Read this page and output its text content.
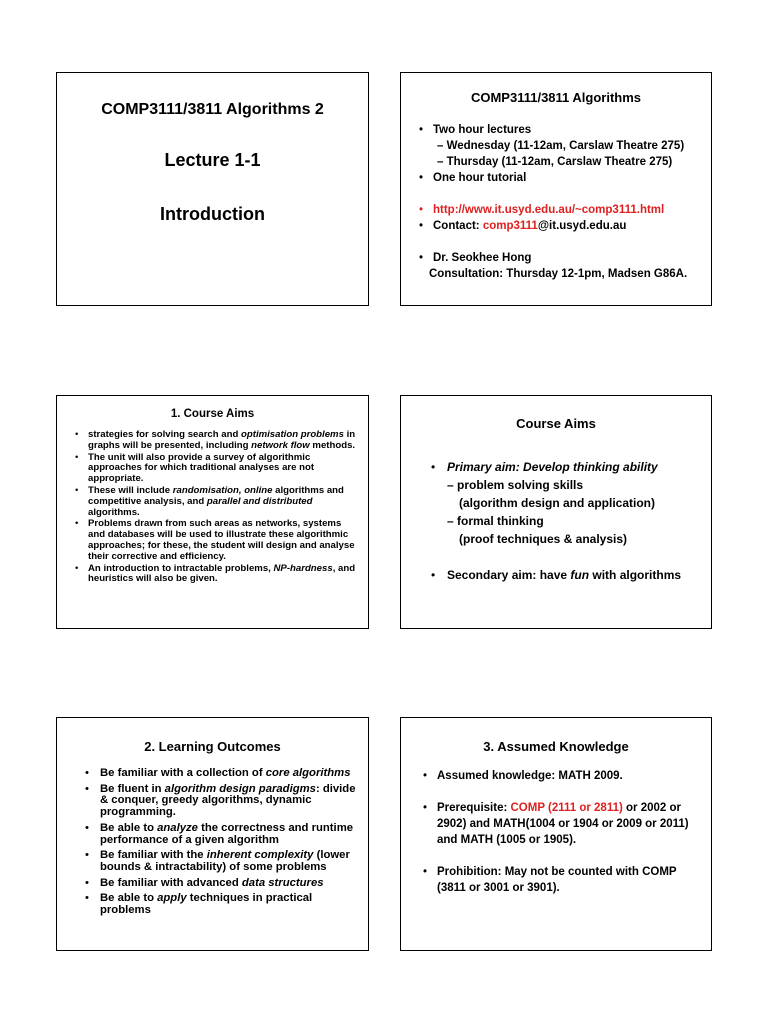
COMP3111/3811 Algorithms 2
Lecture 1-1
Introduction
COMP3111/3811 Algorithms
• Two hour lectures
– Wednesday (11-12am, Carslaw Theatre 275)
– Thursday (11-12am, Carslaw Theatre 275)
• One hour tutorial
• http://www.it.usyd.edu.au/~comp3111.html
• Contact: comp3111@it.usyd.edu.au
• Dr. Seokhee Hong
Consultation: Thursday 12-1pm, Madsen G86A.
1. Course Aims
• strategies for solving search and optimisation problems in graphs will be presented, including network flow methods.
• The unit will also provide a survey of algorithmic approaches for which traditional analyses are not appropriate.
• These will include randomisation, online algorithms and competitive analysis, and parallel and distributed algorithms.
• Problems drawn from such areas as networks, systems and databases will be used to illustrate these algorithmic approaches; for these, the student will design and analyse their corrective and efficiency.
• An introduction to intractable problems, NP-hardness, and heuristics will also be given.
Course Aims
• Primary aim: Develop thinking ability
– problem solving skills
(algorithm design and application)
– formal thinking
(proof techniques & analysis)
• Secondary aim: have fun with algorithms
2. Learning Outcomes
• Be familiar with a collection of core algorithms
• Be fluent in algorithm design paradigms: divide & conquer, greedy algorithms, dynamic programming.
• Be able to analyze the correctness and runtime performance of a given algorithm
• Be familiar with the inherent complexity (lower bounds & intractability) of some problems
• Be familiar with advanced data structures
• Be able to apply techniques in practical problems
3. Assumed Knowledge
• Assumed knowledge: MATH 2009.
• Prerequisite: COMP (2111 or 2811) or 2002 or 2902) and MATH(1004 or 1904 or 2009 or 2011) and MATH (1005 or 1905).
• Prohibition: May not be counted with COMP (3811 or 3001 or 3901).
